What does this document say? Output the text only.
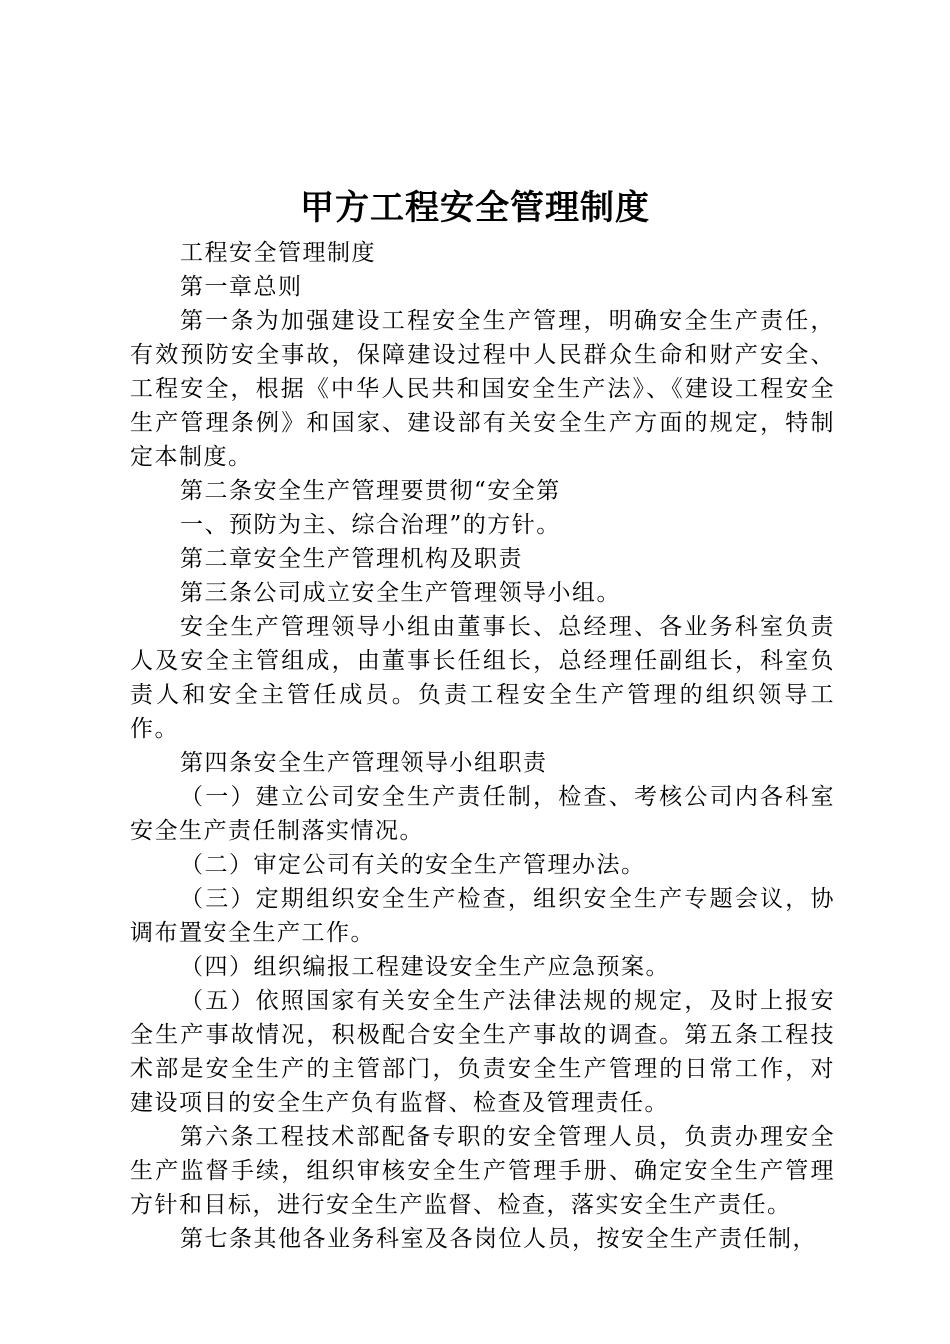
甲方工程安全管理制度

工程安全管理制度

第一章总则

第一条为加强建设工程安全生产管理，明确安全生产责任，有效预防安全事故，保障建设过程中人民群众生命和财产安全、工程安全，根据《中华人民共和国安全生产法》、《建设工程安全生产管理条例》和国家、建设部有关安全生产方面的规定，特制定本制度。

第二条安全生产管理要贯彻“安全第

一、预防为主、综合治理”的方针。

第二章安全生产管理机构及职责

第三条公司成立安全生产管理领导小组。

安全生产管理领导小组由董事长、总经理、各业务科室负责人及安全主管组成，由董事长任组长，总经理任副组长，科室负责人和安全主管任成员。负责工程安全生产管理的组织领导工作。

第四条安全生产管理领导小组职责

（一）建立公司安全生产责任制，检查、考核公司内各科室安全生产责任制落实情况。

（二）审定公司有关的安全生产管理办法。

（三）定期组织安全生产检查，组织安全生产专题会议，协调布置安全生产工作。

（四）组织编报工程建设安全生产应急预案。

（五）依照国家有关安全生产法律法规的规定，及时上报安全生产事故情况，积极配合安全生产事故的调查。第五条工程技术部是安全生产的主管部门，负责安全生产管理的日常工作，对建设项目的安全生产负有监督、检查及管理责任。

第六条工程技术部配备专职的安全管理人员，负责办理安全生产监督手续，组织审核安全生产管理手册、确定安全生产管理方针和目标，进行安全生产监督、检查，落实安全生产责任。

第七条其他各业务科室及各岗位人员，按安全生产责任制，
